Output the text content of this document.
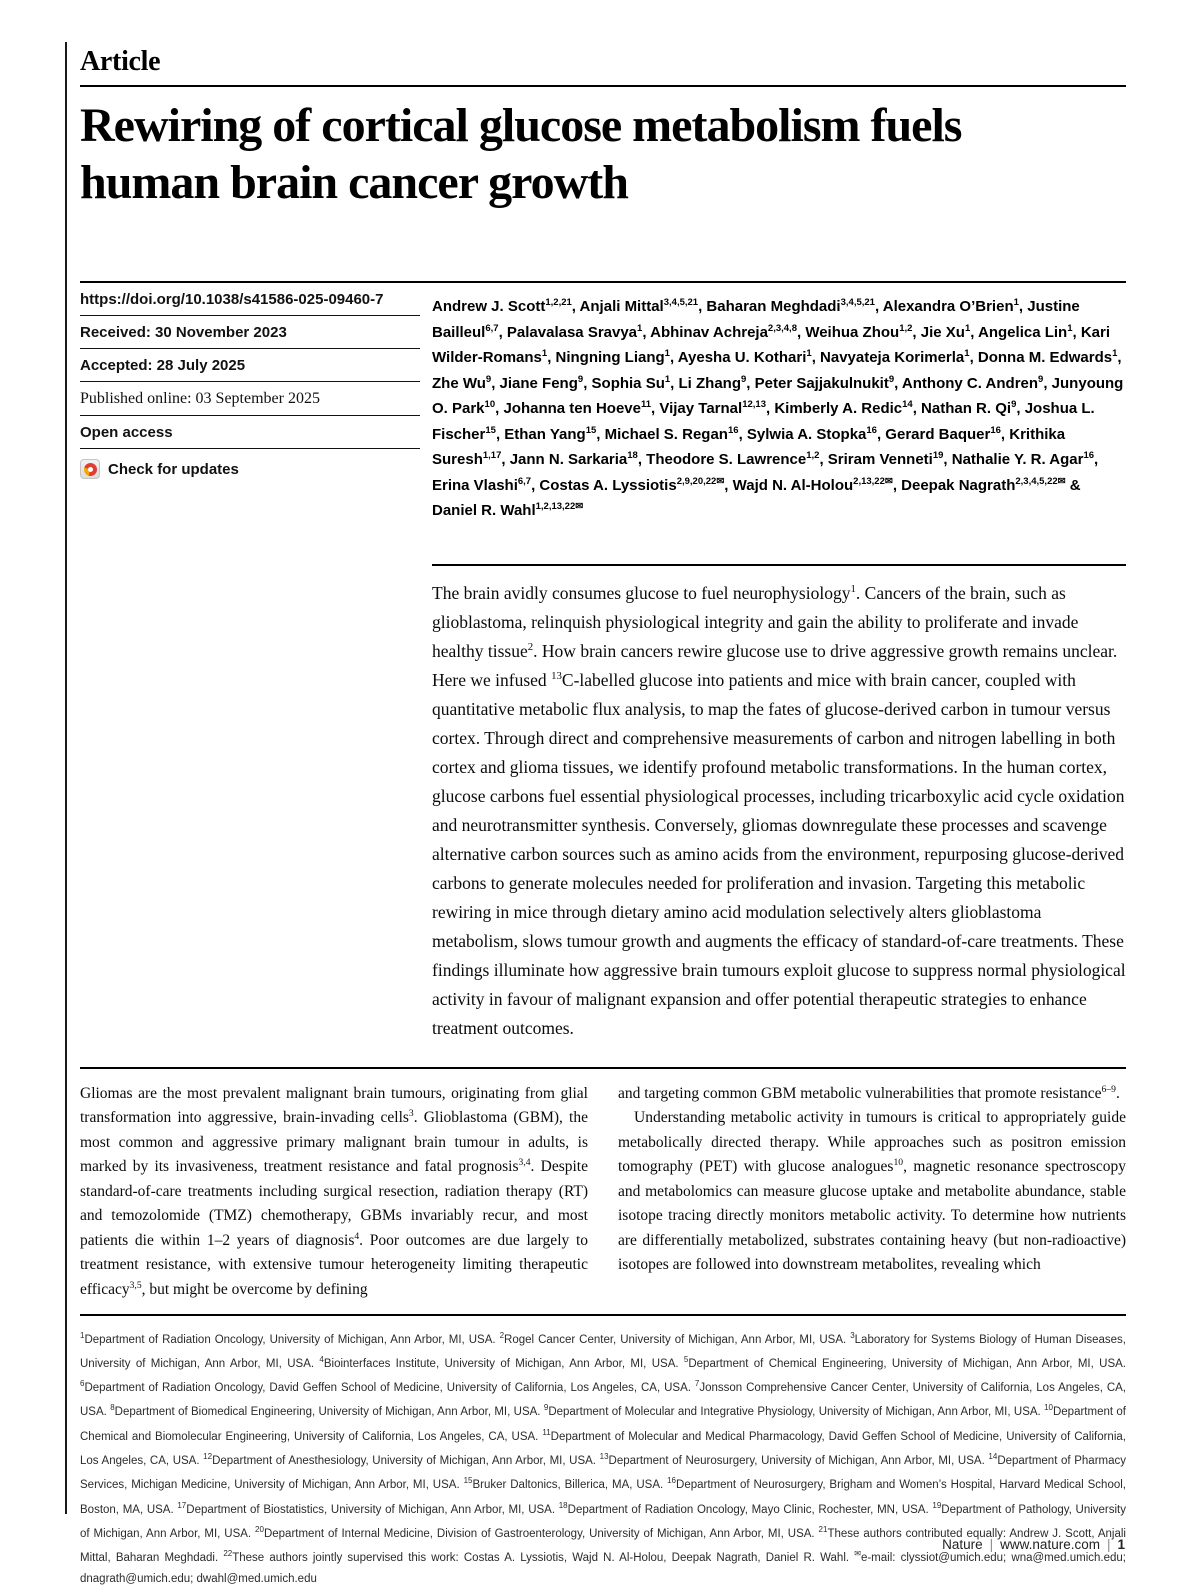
Article
Rewiring of cortical glucose metabolism fuels human brain cancer growth
https://doi.org/10.1038/s41586-025-09460-7
Received: 30 November 2023
Accepted: 28 July 2025
Published online: 03 September 2025
Open access
Check for updates
Andrew J. Scott$^{1,2,21}$, Anjali Mittal$^{3,4,5,21}$, Baharan Meghdadi$^{3,4,5,21}$, Alexandra O’Brien$^1$, Justine Bailleul$^{6,7}$, Palavalasa Sravya$^1$, Abhinav Achreja$^{2,3,4,8}$, Weihua Zhou$^{1,2}$, Jie Xu$^1$, Angelica Lin$^1$, Kari Wilder-Romans$^1$, Ningning Liang$^1$, Ayesha U. Kothari$^1$, Navyateja Korimerla$^1$, Donna M. Edwards$^1$, Zhe Wu$^9$, Jiane Feng$^9$, Sophia Su$^1$, Li Zhang$^9$, Peter Sajjakulnukit$^9$, Anthony C. Andren$^9$, Junyoung O. Park$^{10}$, Johanna ten Hoeve$^{11}$, Vijay Tarnal$^{12,13}$, Kimberly A. Redic$^{14}$, Nathan R. Qi$^9$, Joshua L. Fischer$^{15}$, Ethan Yang$^{15}$, Michael S. Regan$^{16}$, Sylwia A. Stopka$^{16}$, Gerard Baquer$^{16}$, Krithika Suresh$^{1,17}$, Jann N. Sarkaria$^{18}$, Theodore S. Lawrence$^{1,2}$, Sriram Venneti$^{19}$, Nathalie Y. R. Agar$^{16}$, Erina Vlashi$^{6,7}$, Costas A. Lyssiotis$^{2,9,20,22✉}$, Wajd N. Al-Holou$^{2,13,22✉}$, Deepak Nagrath$^{2,3,4,5,22✉}$ & Daniel R. Wahl$^{1,2,13,22✉}$

The brain avidly consumes glucose to fuel neurophysiology$^1$. Cancers of the brain, such as glioblastoma, relinquish physiological integrity and gain the ability to proliferate and invade healthy tissue$^2$. How brain cancers rewire glucose use to drive aggressive growth remains unclear. Here we infused $^{13}$C-labelled glucose into patients and mice with brain cancer, coupled with quantitative metabolic flux analysis, to map the fates of glucose-derived carbon in tumour versus cortex. Through direct and comprehensive measurements of carbon and nitrogen labelling in both cortex and glioma tissues, we identify profound metabolic transformations. In the human cortex, glucose carbons fuel essential physiological processes, including tricarboxylic acid cycle oxidation and neurotransmitter synthesis. Conversely, gliomas downregulate these processes and scavenge alternative carbon sources such as amino acids from the environment, repurposing glucose-derived carbons to generate molecules needed for proliferation and invasion. Targeting this metabolic rewiring in mice through dietary amino acid modulation selectively alters glioblastoma metabolism, slows tumour growth and augments the efficacy of standard-of-care treatments. These findings illuminate how aggressive brain tumours exploit glucose to suppress normal physiological activity in favour of malignant expansion and offer potential therapeutic strategies to enhance treatment outcomes.

Gliomas are the most prevalent malignant brain tumours, originating from glial transformation into aggressive, brain-invading cells$^3$. Glioblastoma (GBM), the most common and aggressive primary malignant brain tumour in adults, is marked by its invasiveness, treatment resistance and fatal prognosis$^{3,4}$. Despite standard-of-care treatments including surgical resection, radiation therapy (RT) and temozolomide (TMZ) chemotherapy, GBMs invariably recur, and most patients die within 1–2 years of diagnosis$^4$. Poor outcomes are due largely to treatment resistance, with extensive tumour heterogeneity limiting therapeutic efficacy$^{3,5}$, but might be overcome by defining

and targeting common GBM metabolic vulnerabilities that promote resistance$^{6-9}$.

Understanding metabolic activity in tumours is critical to appropriately guide metabolically directed therapy. While approaches such as positron emission tomography (PET) with glucose analogues$^{10}$, magnetic resonance spectroscopy and metabolomics can measure glucose uptake and metabolite abundance, stable isotope tracing directly monitors metabolic activity. To determine how nutrients are differentially metabolized, substrates containing heavy (but non-radioactive) isotopes are followed into downstream metabolites, revealing which

$^1$Department of Radiation Oncology, University of Michigan, Ann Arbor, MI, USA. $^2$Rogel Cancer Center, University of Michigan, Ann Arbor, MI, USA. $^3$Laboratory for Systems Biology of Human Diseases, University of Michigan, Ann Arbor, MI, USA. $^4$Biointerfaces Institute, University of Michigan, Ann Arbor, MI, USA. $^5$Department of Chemical Engineering, University of Michigan, Ann Arbor, MI, USA. $^6$Department of Radiation Oncology, David Geffen School of Medicine, University of California, Los Angeles, CA, USA. $^7$Jonsson Comprehensive Cancer Center, University of California, Los Angeles, CA, USA. $^8$Department of Biomedical Engineering, University of Michigan, Ann Arbor, MI, USA. $^9$Department of Molecular and Integrative Physiology, University of Michigan, Ann Arbor, MI, USA. $^{10}$Department of Chemical and Biomolecular Engineering, University of California, Los Angeles, CA, USA. $^{11}$Department of Molecular and Medical Pharmacology, David Geffen School of Medicine, University of California, Los Angeles, CA, USA. $^{12}$Department of Anesthesiology, University of Michigan, Ann Arbor, MI, USA. $^{13}$Department of Neurosurgery, University of Michigan, Ann Arbor, MI, USA. $^{14}$Department of Pharmacy Services, Michigan Medicine, University of Michigan, Ann Arbor, MI, USA. $^{15}$Bruker Daltonics, Billerica, MA, USA. $^{16}$Department of Neurosurgery, Brigham and Women’s Hospital, Harvard Medical School, Boston, MA, USA. $^{17}$Department of Biostatistics, University of Michigan, Ann Arbor, MI, USA. $^{18}$Department of Radiation Oncology, Mayo Clinic, Rochester, MN, USA. $^{19}$Department of Pathology, University of Michigan, Ann Arbor, MI, USA. $^{20}$Department of Internal Medicine, Division of Gastroenterology, University of Michigan, Ann Arbor, MI, USA. $^{21}$These authors contributed equally: Andrew J. Scott, Anjali Mittal, Baharan Meghdadi. $^{22}$These authors jointly supervised this work: Costas A. Lyssiotis, Wajd N. Al-Holou, Deepak Nagrath, Daniel R. Wahl. ✉e-mail: clyssiot@umich.edu; wna@med.umich.edu; dnagrath@umich.edu; dwahl@med.umich.edu

Nature | www.nature.com | 1
